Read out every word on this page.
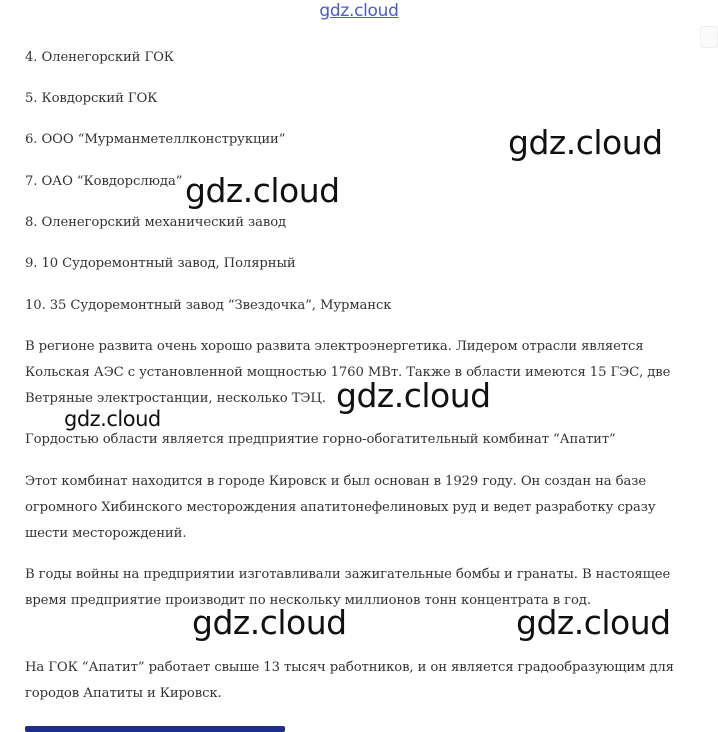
gdz.cloud
4. Оленегорский ГОК
5. Ковдорский ГОК
6. ООО “Мурманметеллконструкции”
7. ОАО “Ковдорслюда”
8. Оленегорский механический завод
9. 10 Судоремонтный завод, Полярный
10. 35 Судоремонтный завод “Звездочка”, Мурманск
В регионе развита очень хорошо развита электроэнергетика. Лидером отрасли является Кольская АЭС с установленной мощностью 1760 МВт. Также в области имеются 15 ГЭС, две Ветряные электростанции, несколько ТЭЦ.
Гордостью области является предприятие горно-обогатительный комбинат “Апатит”
Этот комбинат находится в городе Кировск и был основан в 1929 году. Он создан на базе огромного Хибинского месторождения апатитонефелиновых руд и ведет разработку сразу шести месторождений.
В годы войны на предприятии изготавливали зажигательные бомбы и гранаты. В настоящее время предприятие производит по нескольку миллионов тонн концентрата в год.
На ГОК “Апатит” работает свыше 13 тысяч работников, и он является градообразующим для городов Апатиты и Кировск.
gdz.cloud
gdz.cloud
gdz.cloud
gdz.cloud
gdz.cloud	gdz.cloud
